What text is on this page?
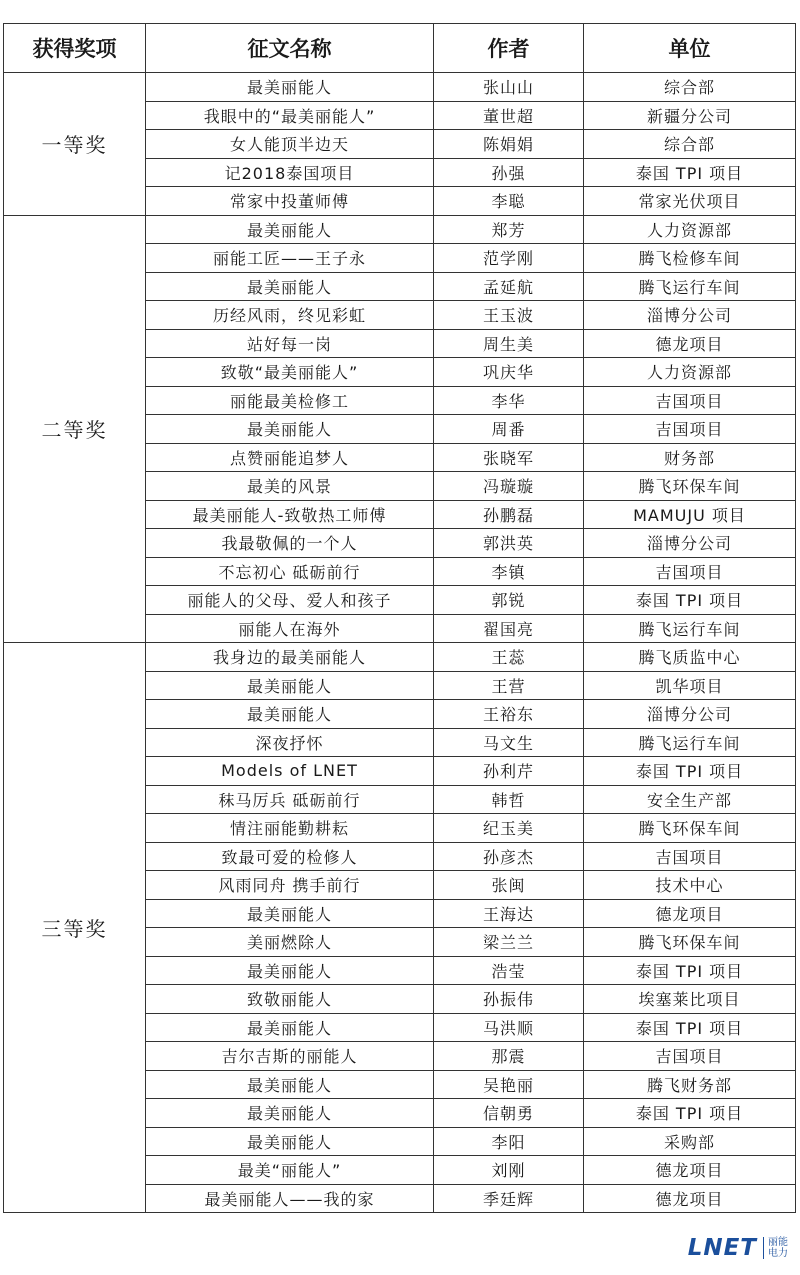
获得奖项	征文名称	作者	单位
一等奖	最美丽能人	张山山	综合部
	我眼中的“最美丽能人”	董世超	新疆分公司
	女人能顶半边天	陈娟娟	综合部
	记2018泰国项目	孙强	泰国 TPI 项目
	常家中投董师傅	李聪	常家光伏项目
二等奖	最美丽能人	郑芳	人力资源部
	丽能工匠——王子永	范学刚	腾飞检修车间
	最美丽能人	孟延航	腾飞运行车间
	历经风雨，终见彩虹	王玉波	淄博分公司
	站好每一岗	周生美	德龙项目
	致敬“最美丽能人”	巩庆华	人力资源部
	丽能最美检修工	李华	吉国项目
	最美丽能人	周番	吉国项目
	点赞丽能追梦人	张晓军	财务部
	最美的风景	冯璇璇	腾飞环保车间
	最美丽能人-致敬热工师傅	孙鹏磊	MAMUJU 项目
	我最敬佩的一个人	郭洪英	淄博分公司
	不忘初心 砥砺前行	李镇	吉国项目
	丽能人的父母、爱人和孩子	郭锐	泰国 TPI 项目
	丽能人在海外	翟国亮	腾飞运行车间
三等奖	我身边的最美丽能人	王蕊	腾飞质监中心
	最美丽能人	王营	凯华项目
	最美丽能人	王裕东	淄博分公司
	深夜抒怀	马文生	腾飞运行车间
	Models of LNET	孙利芹	泰国 TPI 项目
	秣马厉兵 砥砺前行	韩哲	安全生产部
	情注丽能勤耕耘	纪玉美	腾飞环保车间
	致最可爱的检修人	孙彦杰	吉国项目
	风雨同舟 携手前行	张闽	技术中心
	最美丽能人	王海达	德龙项目
	美丽燃除人	梁兰兰	腾飞环保车间
	最美丽能人	浩莹	泰国 TPI 项目
	致敬丽能人	孙振伟	埃塞莱比项目
	最美丽能人	马洪顺	泰国 TPI 项目
	吉尔吉斯的丽能人	那震	吉国项目
	最美丽能人	吴艳丽	腾飞财务部
	最美丽能人	信朝勇	泰国 TPI 项目
	最美丽能人	李阳	采购部
	最美“丽能人”	刘刚	德龙项目
	最美丽能人——我的家	季廷辉	德龙项目
LNET 丽能
电力
